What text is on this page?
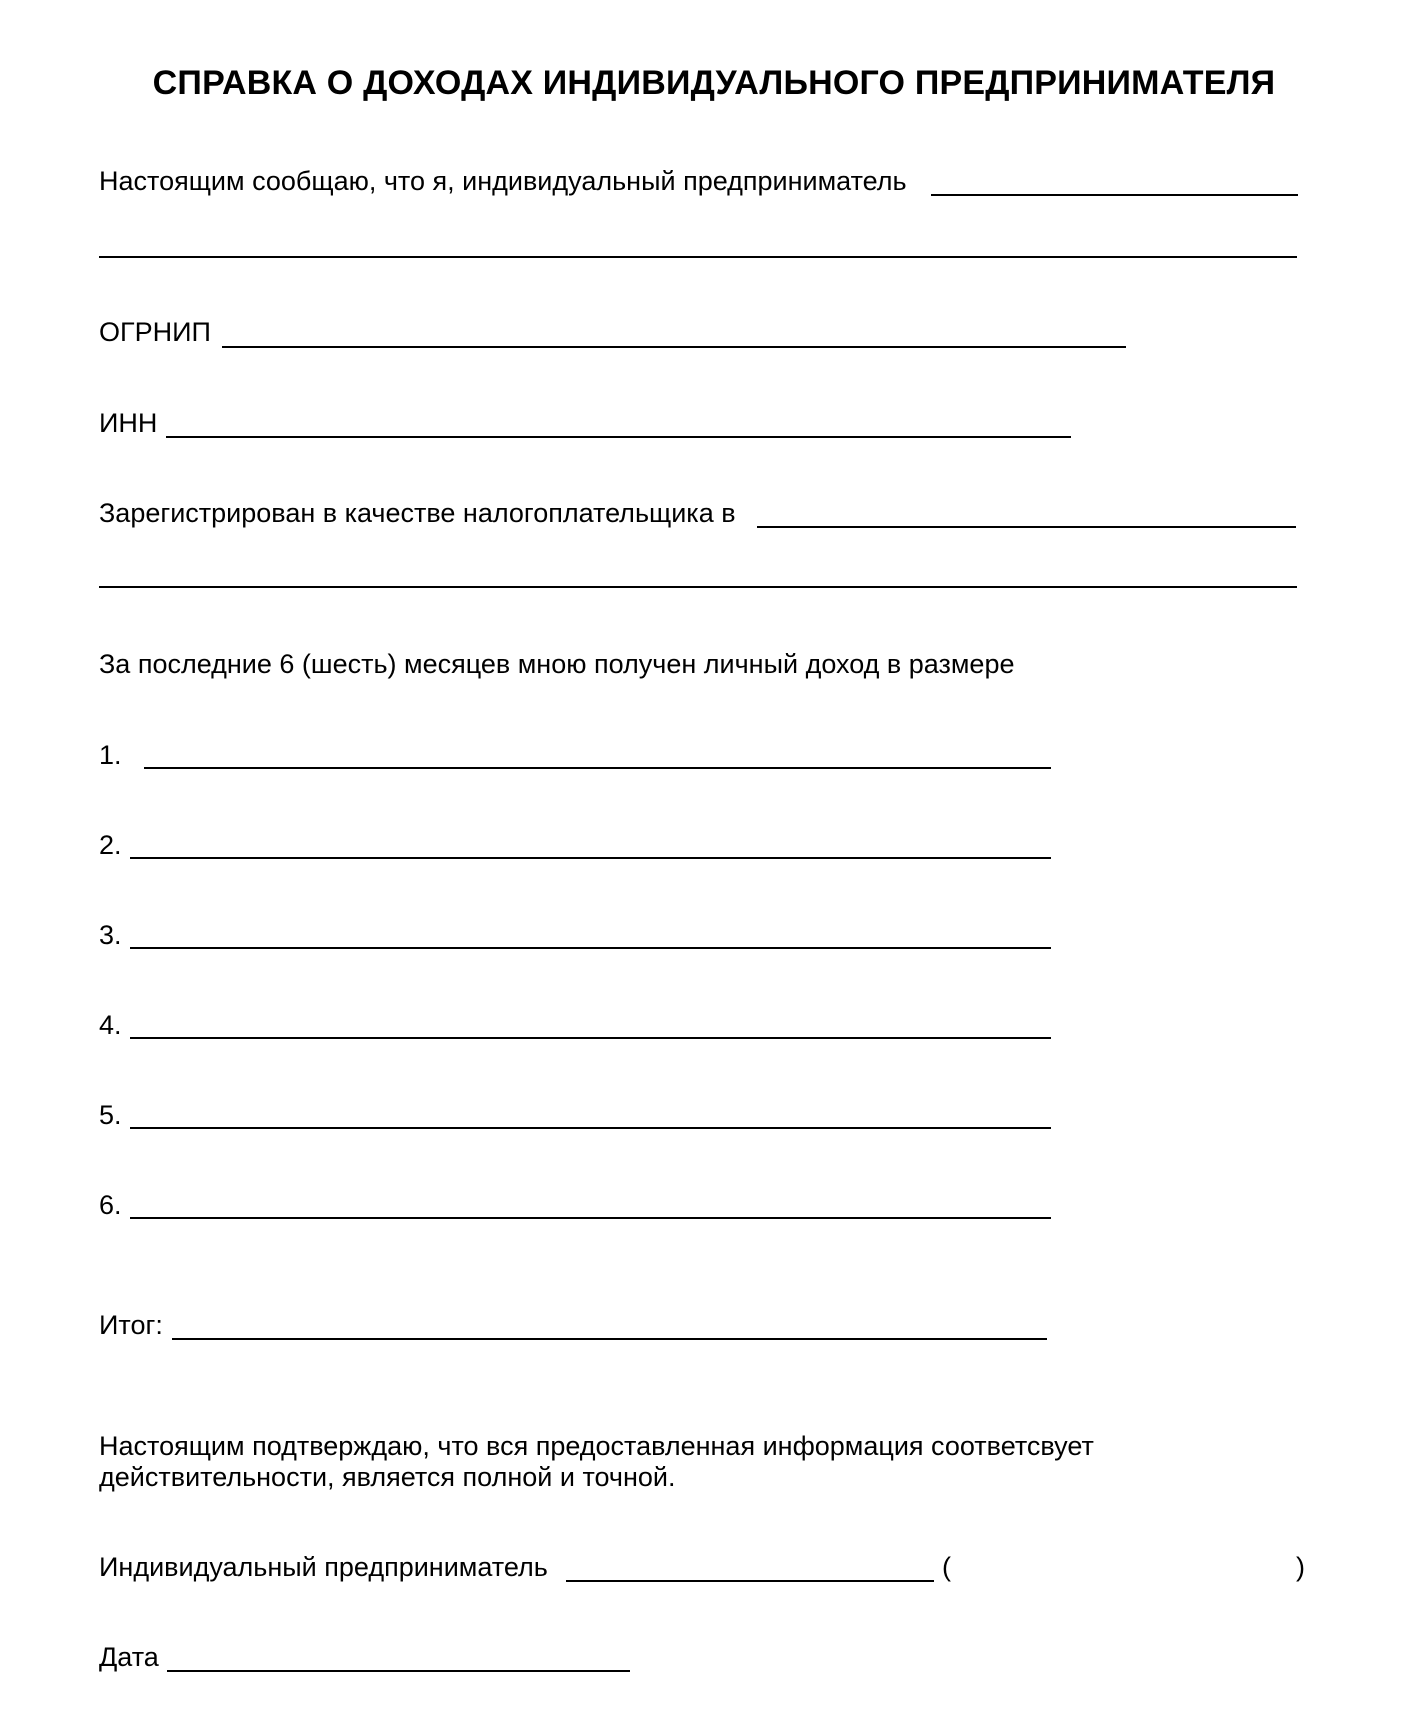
СПРАВКА О ДОХОДАХ ИНДИВИДУАЛЬНОГО ПРЕДПРИНИМАТЕЛЯ
Настоящим сообщаю, что я, индивидуальный предприниматель
ОГРНИП
ИНН
Зарегистрирован в качестве налогоплательщика в
За последние 6 (шесть) месяцев мною получен личный доход в размере
1.
2.
3.
4.
5.
6.
Итог:
Настоящим подтверждаю, что вся предоставленная информация соответсвует
действительности, является полной и точной.
Индивидуальный предприниматель	(	)
Дата
